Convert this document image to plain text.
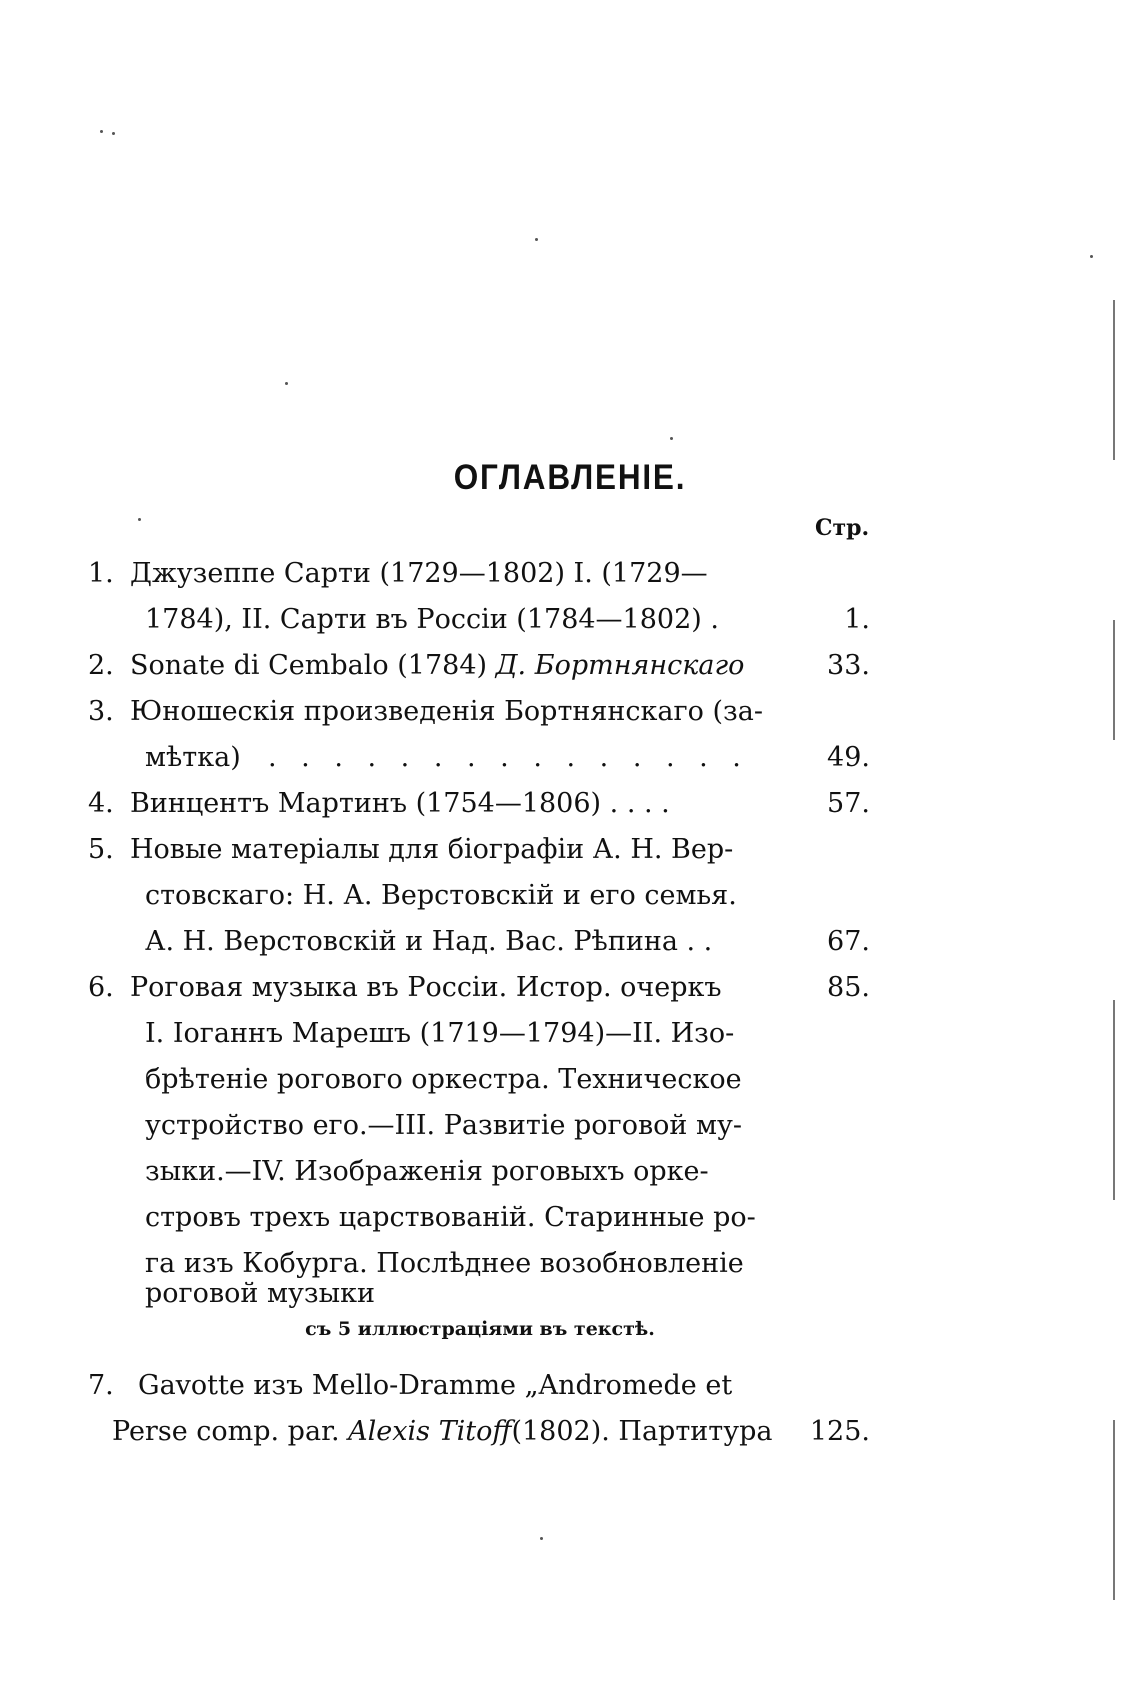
ОГЛАВЛЕНІЕ.
Стр.
1. Джузеппе Сарти (1729—1802) I. (1729—
1784), II. Сарти въ Россіи (1784—1802) .	1.
2. Sonate di Cembalo (1784) Д. Бортнянскаго	33.
3. Юношескія произведенія Бортнянскаго (за-
мѣтка) . . . . . . . . . . . . . . .	49.
4. Винцентъ Мартинъ (1754—1806) . . . .	57.
5. Новые матеріалы для біографіи А. Н. Вер-
стовскаго: Н. А. Верстовскій и его семья.
А. Н. Верстовскій и Над. Вас. Рѣпина . .	67.
6. Роговая музыка въ Россіи. Истор. очеркъ	85.
I. Іоганнъ Марешъ (1719—1794)—II. Изо-
брѣтеніе рогового оркестра. Техническое
устройство его.—III. Развитіе роговой му-
зыки.—IV. Изображенія роговыхъ орке-
стровъ трехъ царствованій. Старинные ро-
га изъ Кобурга. Послѣднее возобновленіе
роговой музыки
съ 5 иллюстраціями въ текстѣ.
7. Gavotte изъ Mello-Dramme „Andromede et
Perse comp. par. Alexis Titoff(1802). Партитура 125.
